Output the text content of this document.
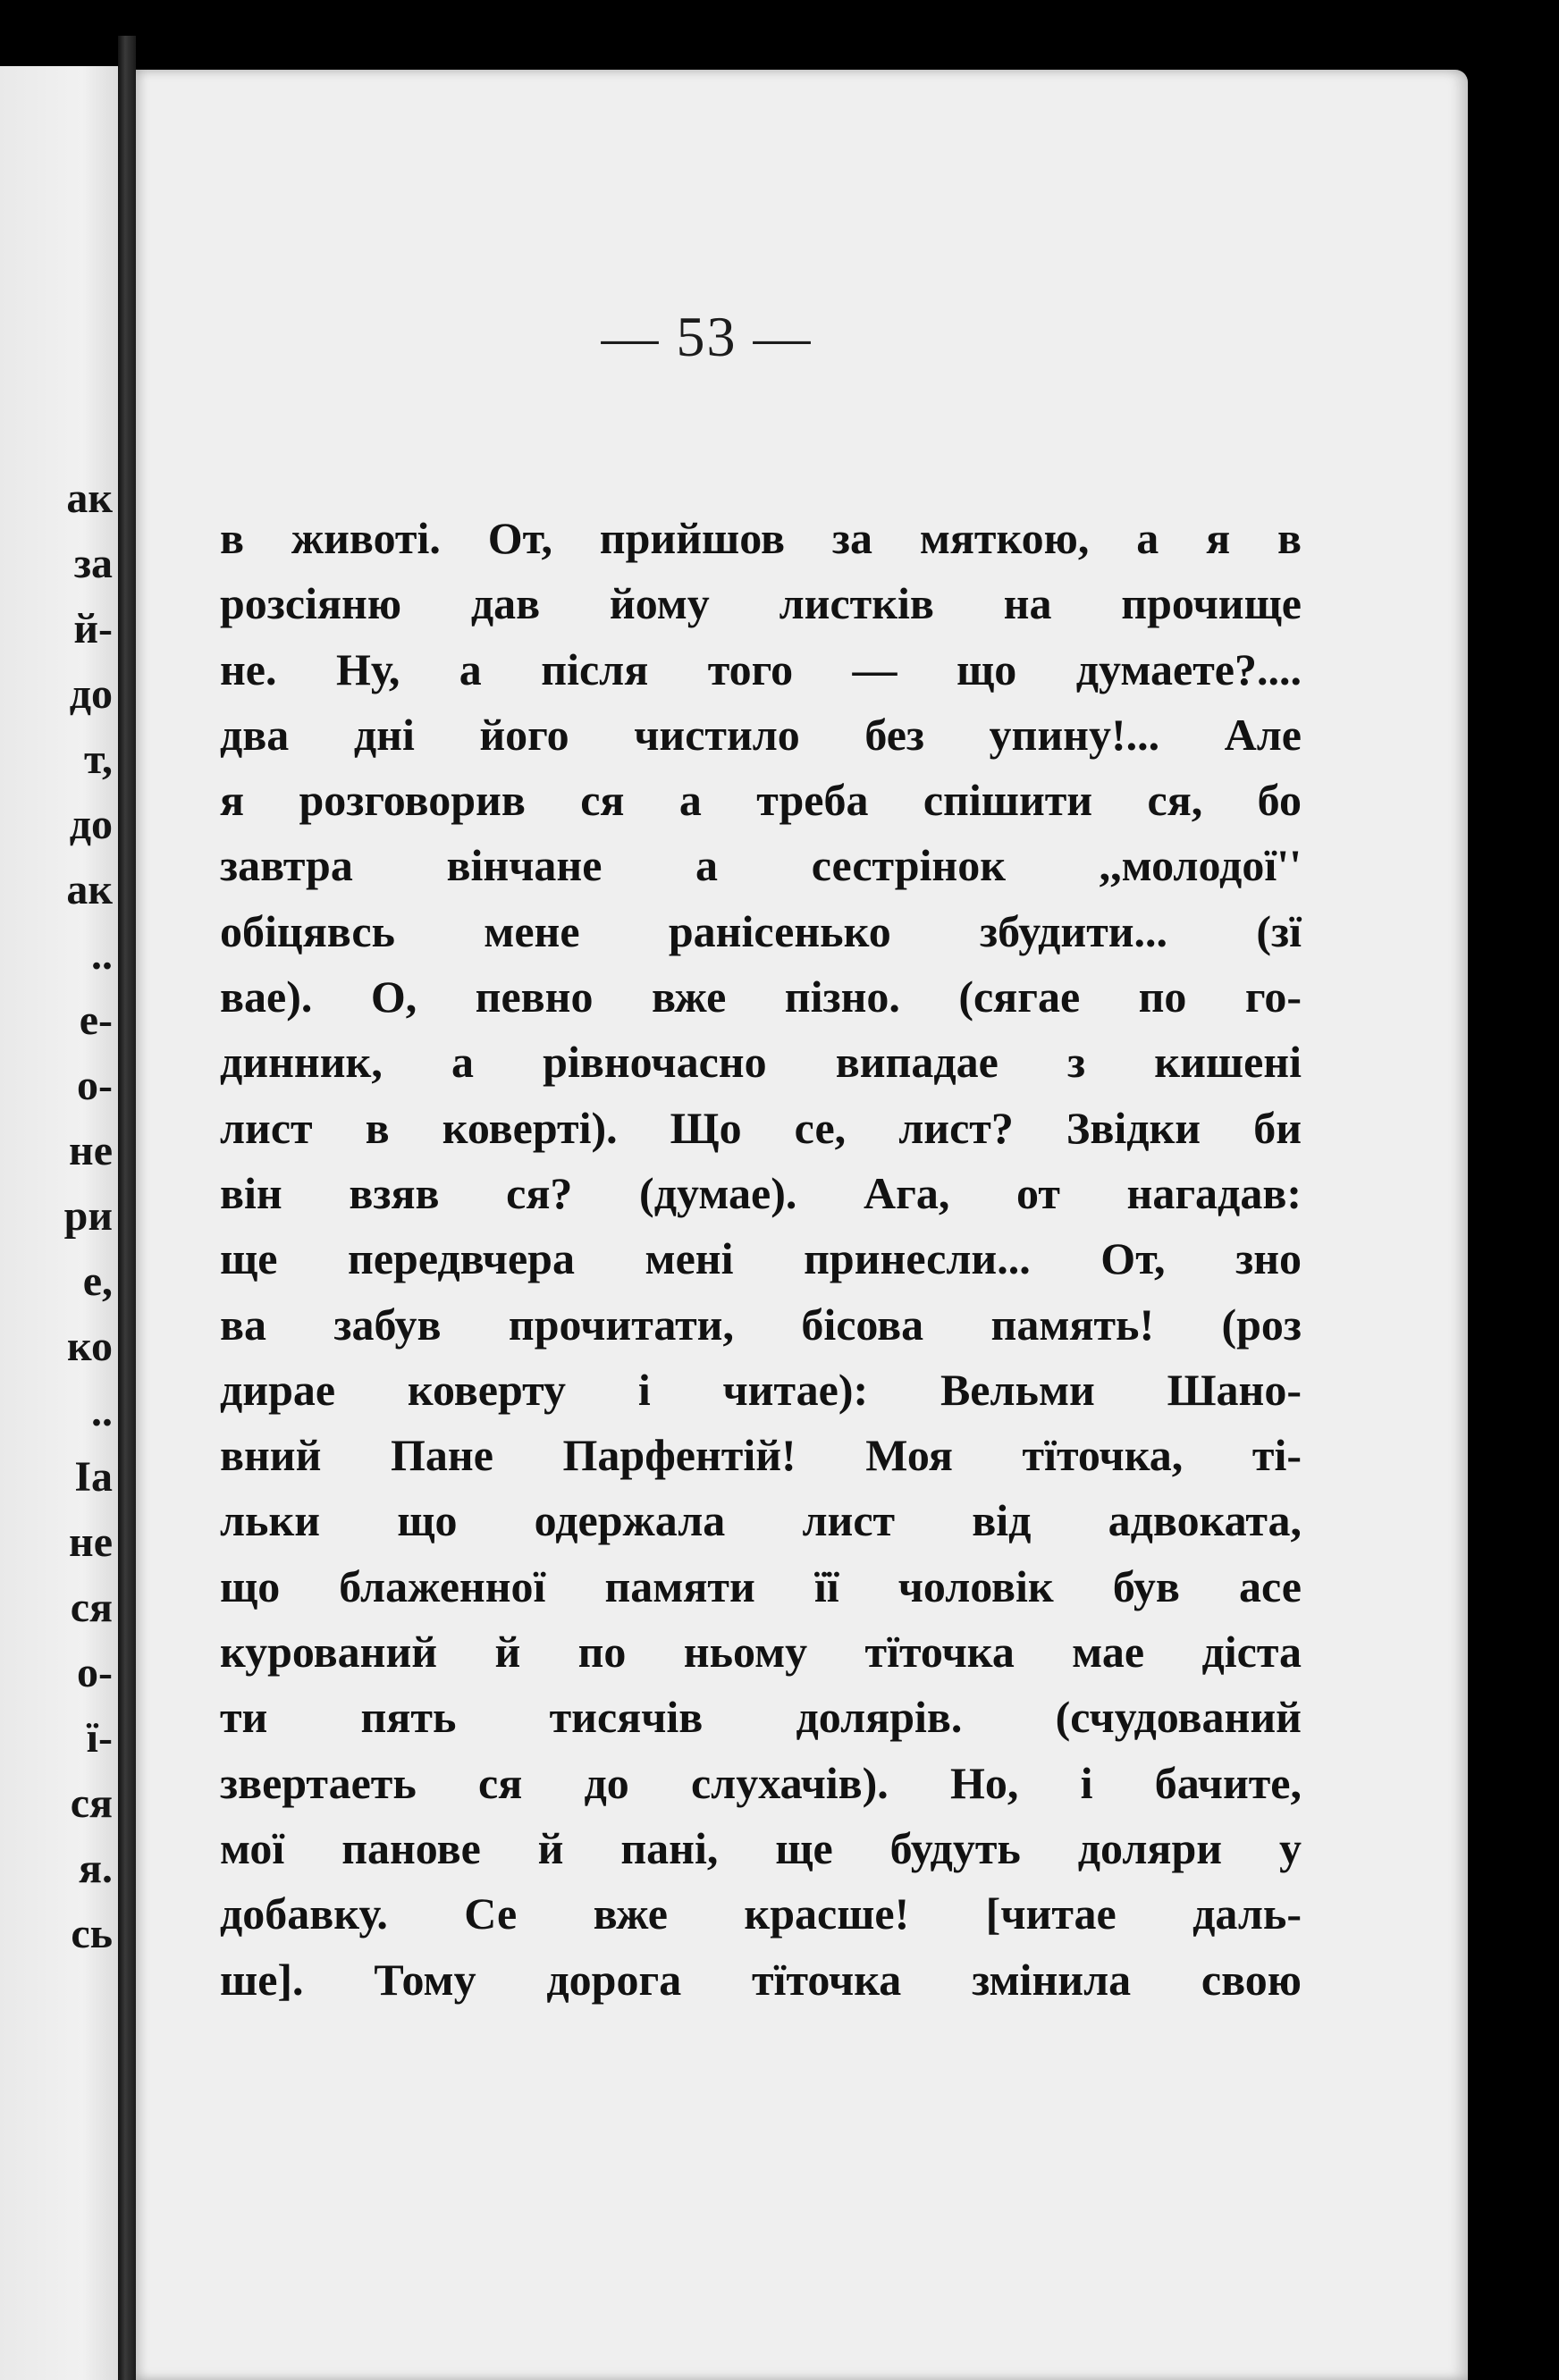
ак
за
й-
до
т,
до
ак
..
е-
о-
не
ри
е,
ко
..
Іа
не
ся
о-
ї-
ся
я.
сь
— 53 —
в животі. От, прийшов за мяткою, а я в
розсіяню дав йому листків на прочище
не. Ну, а після того — що думаете?....
два дні його чистило без упину!... Але
я розговорив ся а треба спішити ся, бо
завтра вінчане а сестрінок ,,молодої''
обіцявсь мене ранісенько збудити... (зї
вае). О, певно вже пізно. (сягае по го-
динник, а рівночасно випадае з кишені
лист в коверті). Що се, лист? Звідки би
він взяв ся? (думае). Ага, от нагадав:
ще передвчера мені принесли... От, зно
ва забув прочитати, бісова память! (роз
дирае коверту і читае): Вельми Шано-
вний Пане Парфентій! Моя тїточка, ті-
льки що одержала лист від адвоката,
що блаженної памяти її чоловік був асе
курований й по ньому тїточка мае діста
ти пять тисячів долярів. (счудований
звертаеть ся до слухачів). Но, і бачите,
мої панове й пані, ще будуть доляри у
добавку. Се вже красше! [читае даль-
ше]. Тому дорога тїточка змінила свою
